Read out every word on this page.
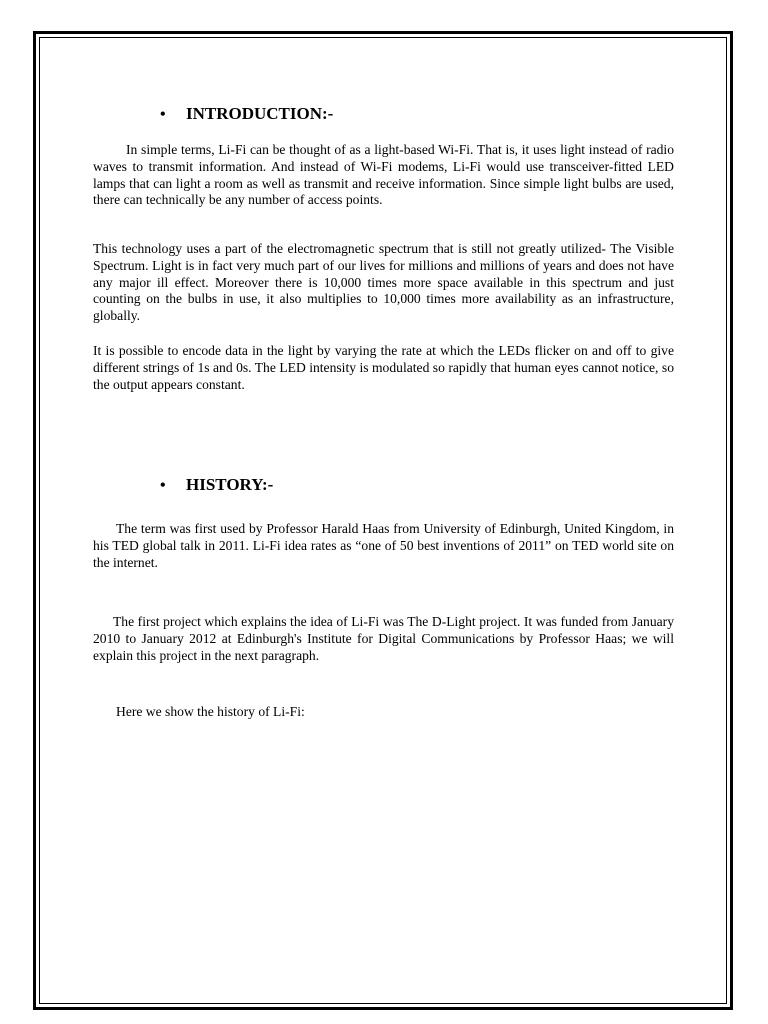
• INTRODUCTION:-

In simple terms, Li-Fi can be thought of as a light-based Wi-Fi. That is, it uses light instead of radio waves to transmit information. And instead of Wi-Fi modems, Li-Fi would use transceiver-fitted LED lamps that can light a room as well as transmit and receive information. Since simple light bulbs are used, there can technically be any number of access points.

This technology uses a part of the electromagnetic spectrum that is still not greatly utilized- The Visible Spectrum. Light is in fact very much part of our lives for millions and millions of years and does not have any major ill effect. Moreover there is 10,000 times more space available in this spectrum and just counting on the bulbs in use, it also multiplies to 10,000 times more availability as an infrastructure, globally.

It is possible to encode data in the light by varying the rate at which the LEDs flicker on and off to give different strings of 1s and 0s. The LED intensity is modulated so rapidly that human eyes cannot notice, so the output appears constant.

• HISTORY:-

The term was first used by Professor Harald Haas from University of Edinburgh, United Kingdom, in his TED global talk in 2011. Li-Fi idea rates as “one of 50 best inventions of 2011” on TED world site on the internet.

The first project which explains the idea of Li-Fi was The D-Light project. It was funded from January 2010 to January 2012 at Edinburgh's Institute for Digital Communications by Professor Haas; we will explain this project in the next paragraph.

Here we show the history of Li-Fi:
